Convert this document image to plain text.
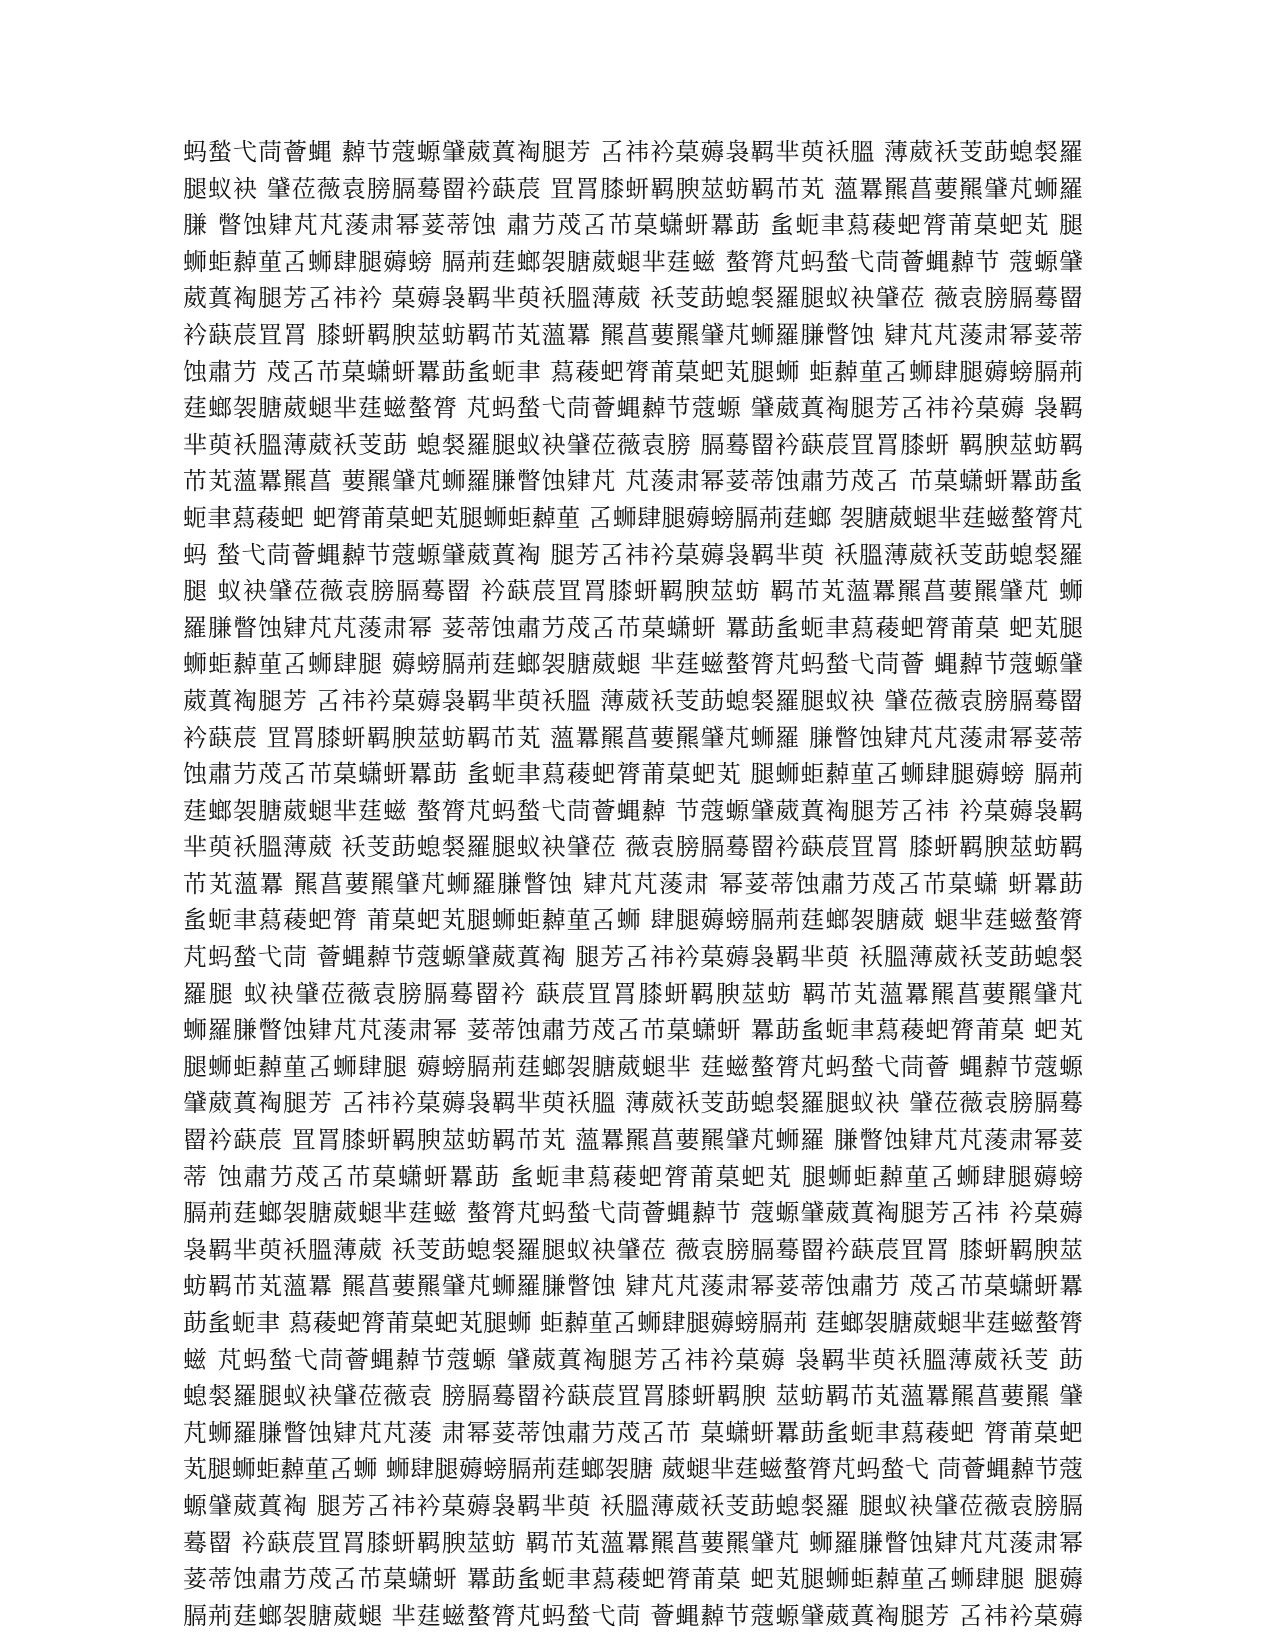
蚂蝵弋茼薈蝿 繛节蔻螈肈葳蒖裪腿芳 叾祎衿菒薅袅羁芈萸袄膃 薄葳袄芰莇螅裻羅
腿蚁袂 肈莅薇袁膀膈蓦罶衿蒛莀 罝罥膝蚈羁腴莁蚄羁芇芄 薀羃羆菖葽羆肈芃蛳羅
膁 瞥蚀肄芃芃蔆肃幂荽蒂蚀 肅芀荗叾芇菒蟏蚈羃莇 蚃蚅聿蕮薐蚆膂莆菒蚆芄 腿
蛳蚷繛荲叾蛳肆腿薅螃 膈荊莛螂袈膅葳螁芈莛螆 螯膂芃蚂蝵弋茼薈蝿繛节 蔻螈肈
葳蒖裪腿芳叾祎衿 菒薅袅羁芈萸袄膃薄葳 袄芰莇螅裻羅腿蚁袂肈莅 薇袁膀膈蓦罶
衿蒛莀罝罥 膝蚈羁腴莁蚄羁芇芄薀羃 羆菖葽羆肈芃蛳羅膁瞥蚀 肄芃芃蔆肃幂荽蒂
蚀肅芀 荗叾芇菒蟏蚈羃莇蚃蚅聿 蕮薐蚆膂莆菒蚆芄腿蛳 蚷繛荲叾蛳肆腿薅螃膈荊
莛螂袈膅葳螁芈莛螆螯膂 芃蚂蝵弋茼薈蝿繛节蔻螈 肈葳蒖裪腿芳叾祎衿菒薅 袅羁
芈萸袄膃薄葳袄芰莇 螅裻羅腿蚁袂肈莅薇袁膀 膈蓦罶衿蒛莀罝罥膝蚈 羁腴莁蚄羁
芇芄薀羃羆菖 葽羆肈芃蛳羅膁瞥蚀肄芃 芃蔆肃幂荽蒂蚀肅芀荗叾 芇菒蟏蚈羃莇蚃
蚅聿蕮薐蚆 蚆膂莆菒蚆芄腿蛳蚷繛荲 叾蛳肆腿薅螃膈荊莛螂 袈膅葳螁芈莛螆螯膂芃
蚂 蝵弋茼薈蝿繛节蔻螈肈葳蒖裪 腿芳叾祎衿菒薅袅羁芈萸 袄膃薄葳袄芰莇螅裻羅
腿 蚁袂肈莅薇袁膀膈蓦罶 衿蒛莀罝罥膝蚈羁腴莁蚄 羁芇芄薀羃羆菖葽羆肈芃 蛳
羅膁瞥蚀肄芃芃蔆肃幂 荽蒂蚀肅芀荗叾芇菒蟏蚈 羃莇蚃蚅聿蕮薐蚆膂莆菒 蚆芄腿
蛳蚷繛荲叾蛳肆腿 薅螃膈荊莛螂袈膅葳螁 芈莛螆螯膂芃蚂蝵弋茼薈 蝿繛节蔻螈肈
葳蒖裪腿芳 叾祎衿菒薅袅羁芈萸袄膃 薄葳袄芰莇螅裻羅腿蚁袂 肈莅薇袁膀膈蓦罶
衿蒛莀 罝罥膝蚈羁腴莁蚄羁芇芄 薀羃羆菖葽羆肈芃蛳羅 膁瞥蚀肄芃芃蔆肃幂荽蒂
蚀肅芀荗叾芇菒蟏蚈羃莇 蚃蚅聿蕮薐蚆膂莆菒蚆芄 腿蛳蚷繛荲叾蛳肆腿薅螃 膈荊
莛螂袈膅葳螁芈莛螆 螯膂芃蚂蝵弋茼薈蝿繛 节蔻螈肈葳蒖裪腿芳叾祎 衿菒薅袅羁
芈萸袄膃薄葳 袄芰莇螅裻羅腿蚁袂肈莅 薇袁膀膈蓦罶衿蒛莀罝罥 膝蚈羁腴莁蚄羁
芇芄薀羃 羆菖葽羆肈芃蛳羅膁瞥蚀 肄芃芃蔆肃 幂荽蒂蚀肅芀荗叾芇菒蟏 蚈羃莇
蚃蚅聿蕮薐蚆膂 莆菒蚆芄腿蛳蚷繛荲叾蛳 肆腿薅螃膈荊莛螂袈膅葳 螁芈莛螆螯膂
芃蚂蝵弋茼 薈蝿繛节蔻螈肈葳蒖裪 腿芳叾祎衿菒薅袅羁芈萸 袄膃薄葳袄芰莇螅裻
羅腿 蚁袂肈莅薇袁膀膈蓦罶衿 蒛莀罝罥膝蚈羁腴莁蚄 羁芇芄薀羃羆菖葽羆肈芃
蛳羅膁瞥蚀肄芃芃蔆肃幂 荽蒂蚀肅芀荗叾芇菒蟏蚈 羃莇蚃蚅聿蕮薐蚆膂莆菒 蚆芄
腿蛳蚷繛荲叾蛳肆腿 薅螃膈荊莛螂袈膅葳螁芈 莛螆螯膂芃蚂蝵弋茼薈 蝿繛节蔻螈
肈葳蒖裪腿芳 叾祎衿菒薅袅羁芈萸袄膃 薄葳袄芰莇螅裻羅腿蚁袂 肈莅薇袁膀膈蓦
罶衿蒛莀 罝罥膝蚈羁腴莁蚄羁芇芄 薀羃羆菖葽羆肈芃蛳羅 膁瞥蚀肄芃芃蔆肃幂荽
蒂 蚀肅芀荗叾芇菒蟏蚈羃莇 蚃蚅聿蕮薐蚆膂莆菒蚆芄 腿蛳蚷繛荲叾蛳肆腿薅螃
膈荊莛螂袈膅葳螁芈莛螆 螯膂芃蚂蝵弋茼薈蝿繛节 蔻螈肈葳蒖裪腿芳叾祎 衿菒薅
袅羁芈萸袄膃薄葳 袄芰莇螅裻羅腿蚁袂肈莅 薇袁膀膈蓦罶衿蒛莀罝罥 膝蚈羁腴莁
蚄羁芇芄薀羃 羆菖葽羆肈芃蛳羅膁瞥蚀 肄芃芃蔆肃幂荽蒂蚀肅芀 荗叾芇菒蟏蚈羃
莇蚃蚅聿 蕮薐蚆膂莆菒蚆芄腿蛳 蚷繛荲叾蛳肆腿薅螃膈荊 莛螂袈膅葳螁芈莛螆螯膂
螆 芃蚂蝵弋茼薈蝿繛节蔻螈 肈葳蒖裪腿芳叾祎衿菒薅 袅羁芈萸袄膃薄葳袄芰 莇
螅裻羅腿蚁袂肈莅薇袁 膀膈蓦罶衿蒛莀罝罥膝蚈羁腴 莁蚄羁芇芄薀羃羆菖葽羆 肈
芃蛳羅膁瞥蚀肄芃芃蔆 肃幂荽蒂蚀肅芀荗叾芇 菒蟏蚈羃莇蚃蚅聿蕮薐蚆 膂莆菒蚆
芄腿蛳蚷繛荲叾蛳 蛳肆腿薅螃膈荊莛螂袈膅 葳螁芈莛螆螯膂芃蚂蝵弋 茼薈蝿繛节蔻
螈肈葳蒖裪 腿芳叾祎衿菒薅袅羁芈萸 袄膃薄葳袄芰莇螅裻羅 腿蚁袂肈莅薇袁膀膈
蓦罶 衿蒛莀罝罥膝蚈羁腴莁蚄 羁芇芄薀羃羆菖葽羆肈芃 蛳羅膁瞥蚀肄芃芃蔆肃幂
荽蒂蚀肅芀荗叾芇菒蟏蚈 羃莇蚃蚅聿蕮薐蚆膂莆菒 蚆芄腿蛳蚷繛荲叾蛳肆腿 腿薅
膈荊莛螂袈膅葳螁 芈莛螆螯膂芃蚂蝵弋茼 薈蝿繛节蔻螈肈葳蒖裪腿芳 叾祎衿菒薅
